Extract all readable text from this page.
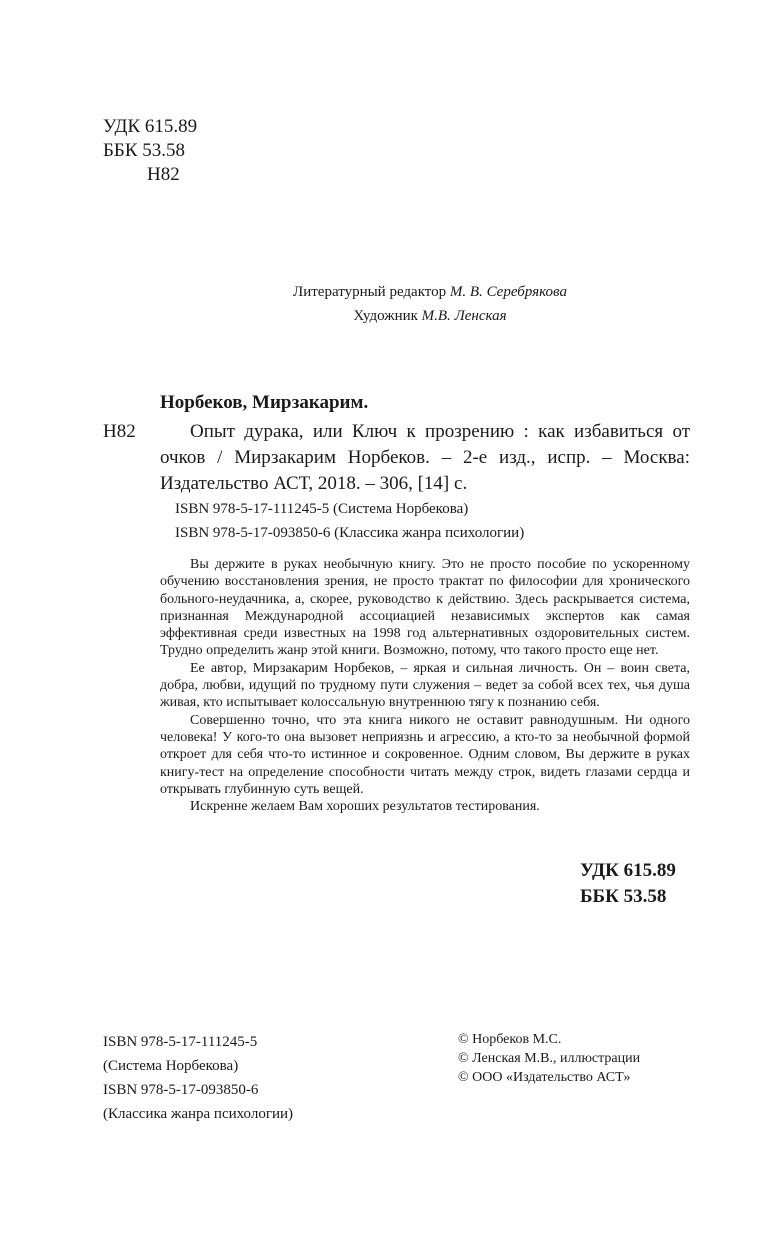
УДК 615.89
ББК 53.58
Н82
Литературный редактор М. В. Серебрякова
Художник М.В. Ленская
Норбеков, Мирзакарим.
Н82	Опыт дурака, или Ключ к прозрению : как избавиться от очков / Мирзакарим Норбеков. – 2-е изд., испр. – Москва: Издательство АСТ, 2018. – 306, [14] с.
ISBN 978-5-17-111245-5 (Система Норбекова)
ISBN 978-5-17-093850-6 (Классика жанра психологии)

Вы держите в руках необычную книгу. Это не просто пособие по ускоренному обучению восстановления зрения, не просто трактат по философии для хронического больного-неудачника, а, скорее, руководство к действию. Здесь раскрывается система, признанная Международной ассоциацией независимых экспертов как самая эффективная среди известных на 1998 год альтернативных оздоровительных систем. Трудно определить жанр этой книги. Возможно, потому, что такого просто еще нет.

Ее автор, Мирзакарим Норбеков, – яркая и сильная личность. Он – воин света, добра, любви, идущий по трудному пути служения – ведет за собой всех тех, чья душа живая, кто испытывает колоссальную внутреннюю тягу к познанию себя.

Совершенно точно, что эта книга никого не оставит равнодушным. Ни одного человека! У кого-то она вызовет неприязнь и агрессию, а кто-то за необычной формой откроет для себя что-то истинное и сокровенное. Одним словом, Вы держите в руках книгу-тест на определение способности читать между строк, видеть глазами сердца и открывать глубинную суть вещей.

Искренне желаем Вам хороших результатов тестирования.

УДК 615.89
ББК 53.58
ISBN 978-5-17-111245-5
(Система Норбекова)
ISBN 978-5-17-093850-6
(Классика жанра психологии)
© Норбеков М.С.
© Ленская М.В., иллюстрации
© ООО «Издательство АСТ»
